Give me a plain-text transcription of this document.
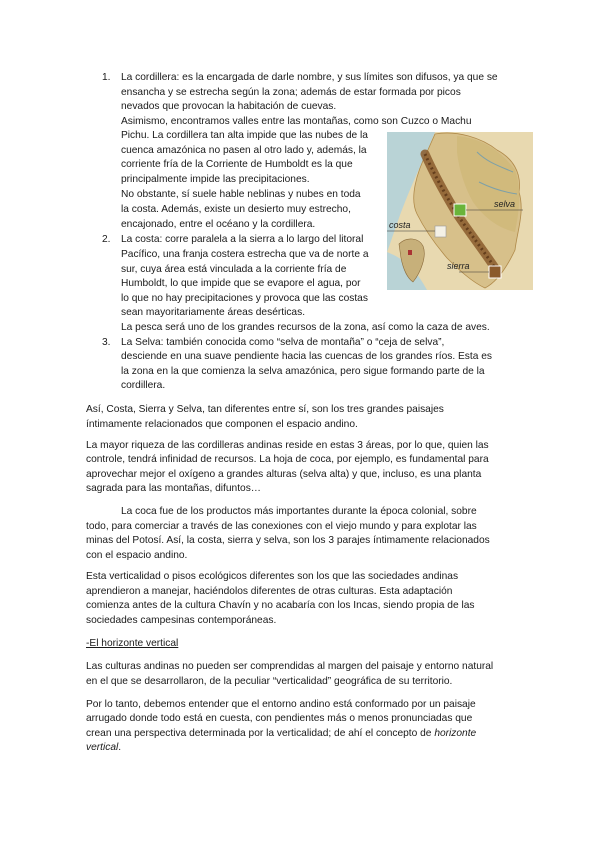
1. La cordillera: es la encargada de darle nombre, y sus límites son difusos, ya que se
ensancha y se estrecha según la zona; además de estar formada por picos
nevados que provocan la habitación de cuevas.
Asimismo, encontramos valles entre las montañas, como son Cuzco o Machu
Pichu. La cordillera tan alta impide que las nubes de la
cuenca amazónica no pasen al otro lado y, además, la
corriente fría de la Corriente de Humboldt es la que
principalmente impide las precipitaciones.
No obstante, sí suele hable neblinas y nubes en toda
la costa. Además, existe un desierto muy estrecho,
encajonado, entre el océano y la cordillera.
2. La costa: corre paralela a la sierra a lo largo del litoral
Pacífico, una franja costera estrecha que va de norte a
sur, cuya área está vinculada a la corriente fría de
Humboldt, lo que impide que se evapore el agua, por
lo que no hay precipitaciones y provoca que las costas
sean mayoritariamente áreas desérticas.
La pesca será uno de los grandes recursos de la zona, así como la caza de aves.
3. La Selva: también conocida como “selva de montaña” o “ceja de selva”,
desciende en una suave pendiente hacia las cuencas de los grandes ríos. Esta es
la zona en la que comienza la selva amazónica, pero sigue formando parte de la
cordillera.
selva
costa
sierra
Así, Costa, Sierra y Selva, tan diferentes entre sí, son los tres grandes paisajes
íntimamente relacionados que componen el espacio andino.
La mayor riqueza de las cordilleras andinas reside en estas 3 áreas, por lo que, quien las
controle, tendrá infinidad de recursos. La hoja de coca, por ejemplo, es fundamental para
aprovechar mejor el oxígeno a grandes alturas (selva alta) y que, incluso, es una planta
sagrada para las montañas, difuntos…
La coca fue de los productos más importantes durante la época colonial, sobre
todo, para comerciar a través de las conexiones con el viejo mundo y para explotar las
minas del Potosí. Así, la costa, sierra y selva, son los 3 parajes íntimamente relacionados
con el espacio andino.
Esta verticalidad o pisos ecológicos diferentes son los que las sociedades andinas
aprendieron a manejar, haciéndolos diferentes de otras culturas. Esta adaptación
comienza antes de la cultura Chavín y no acabaría con los Incas, siendo propia de las
sociedades campesinas contemporáneas.
-El horizonte vertical
Las culturas andinas no pueden ser comprendidas al margen del paisaje y entorno natural
en el que se desarrollaron, de la peculiar “verticalidad” geográfica de su territorio.
Por lo tanto, debemos entender que el entorno andino está conformado por un paisaje
arrugado donde todo está en cuesta, con pendientes más o menos pronunciadas que
crean una perspectiva determinada por la verticalidad; de ahí el concepto de horizonte
vertical.
